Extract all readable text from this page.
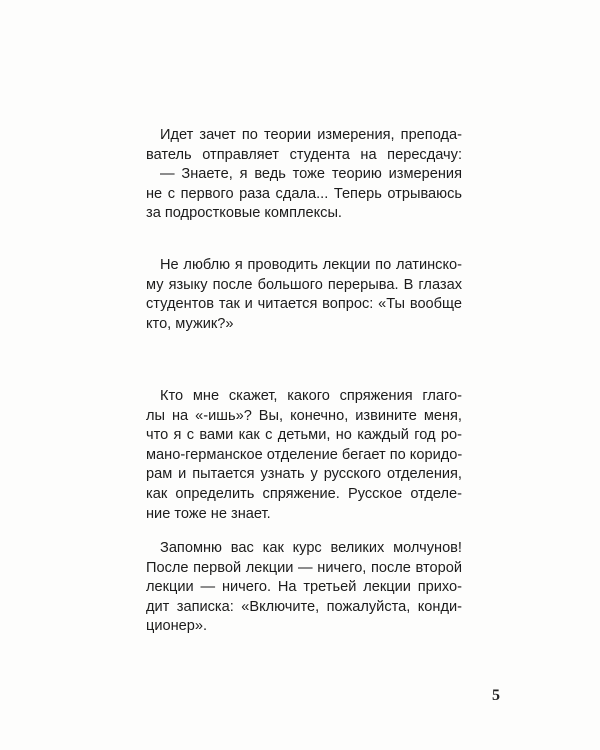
Идет зачет по теории измерения, препода-
ватель отправляет студента на пересдачу:
— Знаете, я ведь тоже теорию измерения
не с первого раза сдала... Теперь отрываюсь
за подростковые комплексы.
Не люблю я проводить лекции по латинско-
му языку после большого перерыва. В глазах
студентов так и читается вопрос: «Ты вообще
кто, мужик?»
Кто мне скажет, какого спряжения глаго-
лы на «-ишь»? Вы, конечно, извините меня,
что я с вами как с детьми, но каждый год ро-
мано-германское отделение бегает по коридо-
рам и пытается узнать у русского отделения,
как определить спряжение. Русское отделе-
ние тоже не знает.
Запомню вас как курс великих молчунов!
После первой лекции — ничего, после второй
лекции — ничего. На третьей лекции прихо-
дит записка: «Включите, пожалуйста, конди-
ционер».
5
